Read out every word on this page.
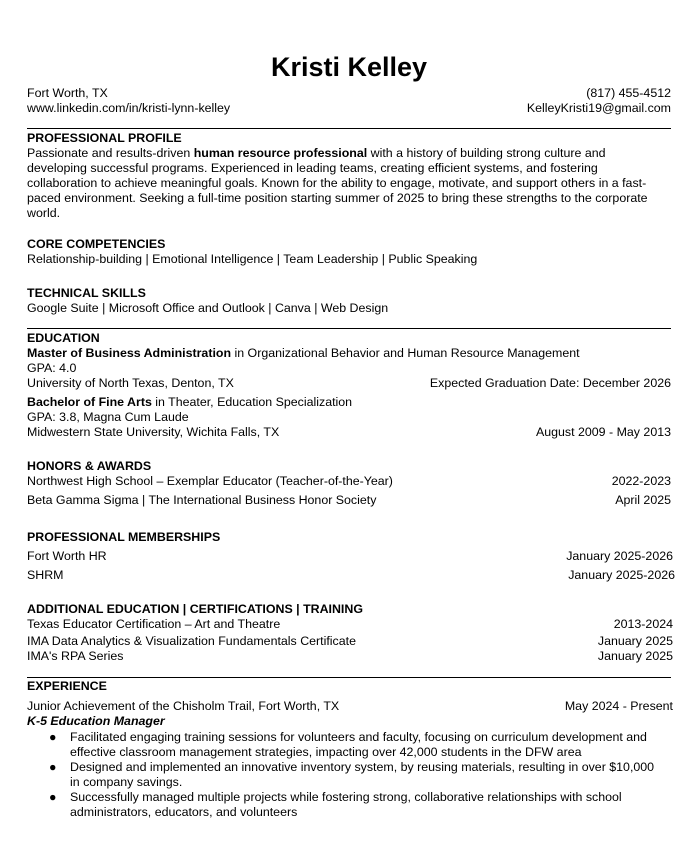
Kristi Kelley
Fort Worth, TX	(817) 455-4512
www.linkedin.com/in/kristi-lynn-kelley	KelleyKristi19@gmail.com
PROFESSIONAL PROFILE
Passionate and results-driven human resource professional with a history of building strong culture and developing successful programs. Experienced in leading teams, creating efficient systems, and fostering collaboration to achieve meaningful goals. Known for the ability to engage, motivate, and support others in a fast-paced environment. Seeking a full-time position starting summer of 2025 to bring these strengths to the corporate world.
CORE COMPETENCIES
Relationship-building | Emotional Intelligence | Team Leadership | Public Speaking
TECHNICAL SKILLS
Google Suite | Microsoft Office and Outlook | Canva | Web Design
EDUCATION
Master of Business Administration in Organizational Behavior and Human Resource Management
GPA: 4.0
University of North Texas, Denton, TX	Expected Graduation Date: December 2026
Bachelor of Fine Arts in Theater, Education Specialization
GPA: 3.8, Magna Cum Laude
Midwestern State University, Wichita Falls, TX	August 2009 - May 2013
HONORS & AWARDS
Northwest High School – Exemplar Educator (Teacher-of-the-Year)	2022-2023
Beta Gamma Sigma | The International Business Honor Society	April 2025
PROFESSIONAL MEMBERSHIPS
Fort Worth HR	January 2025-2026
SHRM	January 2025-2026
ADDITIONAL EDUCATION | CERTIFICATIONS | TRAINING
Texas Educator Certification – Art and Theatre	2013-2024
IMA Data Analytics & Visualization Fundamentals Certificate	January 2025
IMA's RPA Series	January 2025
EXPERIENCE
Junior Achievement of the Chisholm Trail, Fort Worth, TX	May 2024 - Present
K-5 Education Manager
● Facilitated engaging training sessions for volunteers and faculty, focusing on curriculum development and effective classroom management strategies, impacting over 42,000 students in the DFW area
● Designed and implemented an innovative inventory system, by reusing materials, resulting in over $10,000 in company savings.
● Successfully managed multiple projects while fostering strong, collaborative relationships with school administrators, educators, and volunteers
